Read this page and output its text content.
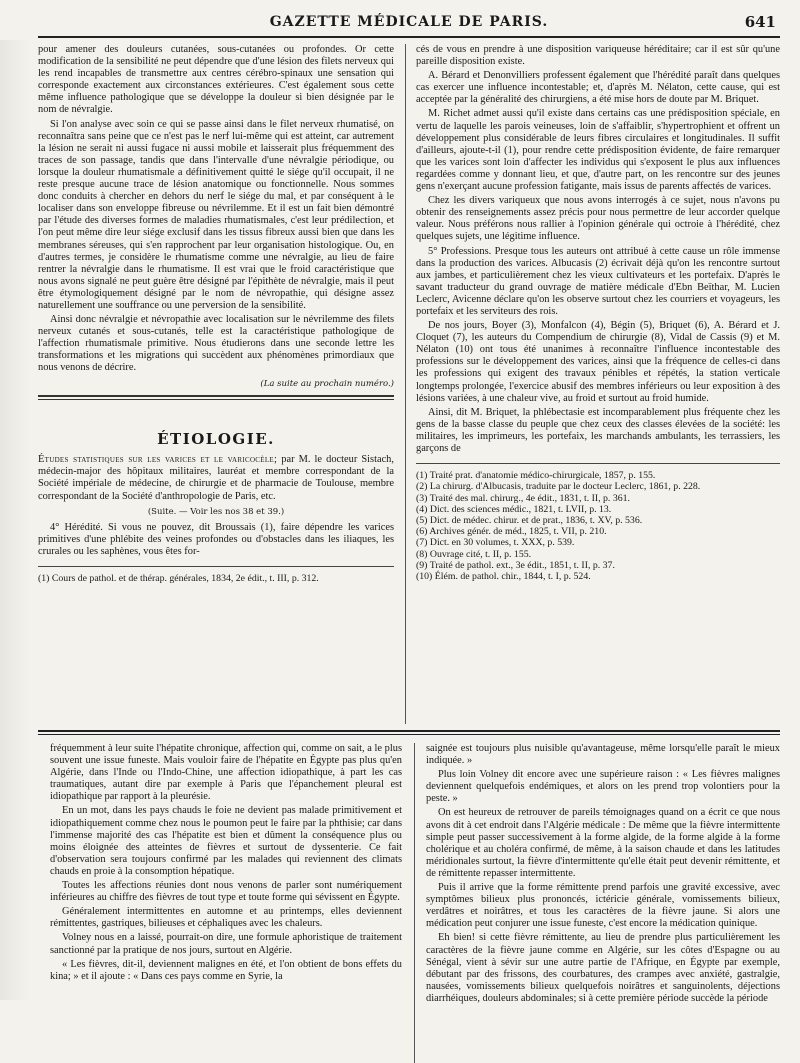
GAZETTE MÉDICALE DE PARIS.	641

pour amener des douleurs cutanées, sous-cutanées ou profondes. Or cette modification de la sensibilité ne peut dépendre que d'une lésion des filets nerveux qui les rend incapables de transmettre aux centres cérébro-spinaux une sensation qui corresponde exactement aux circonstances extérieures. C'est également sous cette même influence pathologique que se développe la douleur si bien désignée par le nom de névralgie.

Si l'on analyse avec soin ce qui se passe ainsi dans le filet nerveux rhumatisé, on reconnaîtra sans peine que ce n'est pas le nerf lui-même qui est atteint, car autrement la lésion ne serait ni aussi fugace ni aussi mobile et laisserait plus fréquemment des traces de son passage, tandis que dans l'intervalle d'une névralgie périodique, ou lorsque la douleur rhumatismale a définitivement quitté le siége qu'il occupait, il ne reste presque aucune trace de lésion anatomique ou fonctionnelle. Nous sommes donc conduits à chercher en dehors du nerf le siége du mal, et par conséquent à le localiser dans son enveloppe fibreuse ou névrilemme. Et il est un fait bien démontré par l'étude des diverses formes de maladies rhumatismales, c'est leur prédilection, et l'on peut même dire leur siége exclusif dans les tissus fibreux aussi bien que dans les membranes séreuses, qui s'en rapprochent par leur organisation histologique. Ou, en d'autres termes, je considère le rhumatisme comme une névralgie, au lieu de faire rentrer la névralgie dans le rhumatisme. Il est vrai que le froid caractéristique que nous avons signalé ne peut guère être désigné par l'épithète de névralgie, mais il peut être étymologiquement désigné par le nom de névropathie, qui désigne assez naturellement une souffrance ou une perversion de la sensibilité.

Ainsi donc névralgie et névropathie avec localisation sur le névrilemme des filets nerveux cutanés et sous-cutanés, telle est la caractéristique pathologique de l'affection rhumatismale primitive. Nous étudierons dans une seconde lettre les transformations et les migrations qui succèdent aux phénomènes primordiaux que nous venons de décrire.

(La suite au prochain numéro.)
ÉTIOLOGIE.
Études statistiques sur les varices et le varicocèle; par M. le docteur Sistach, médecin-major des hôpitaux militaires, lauréat et membre correspondant de la Société impériale de médecine, de chirurgie et de pharmacie de Toulouse, membre correspondant de la Société d'anthropologie de Paris, etc.
(Suite. — Voir les nos 38 et 39.)

4° Hérédité. Si vous ne pouvez, dit Broussais (1), faire dépendre les varices primitives d'une phlébite des veines profondes ou d'obstacles dans les iliaques, les crurales ou les saphènes, vous êtes for-

(1) Cours de pathol. et de thérap. générales, 1834, 2e édit., t. III, p. 312.

cés de vous en prendre à une disposition variqueuse héréditaire; car il est sûr qu'une pareille disposition existe.

A. Bérard et Denonvilliers professent également que l'hérédité paraît dans quelques cas exercer une influence incontestable; et, d'après M. Nélaton, cette cause, qui est acceptée par la généralité des chirurgiens, a été mise hors de doute par M. Briquet.

M. Richet admet aussi qu'il existe dans certains cas une prédisposition spéciale, en vertu de laquelle les parois veineuses, loin de s'affaiblir, s'hypertrophient et offrent un développement plus considérable de leurs fibres circulaires et longitudinales. Il suffit d'ailleurs, ajoute-t-il (1), pour rendre cette prédisposition évidente, de faire remarquer que les varices sont loin d'affecter les individus qui s'exposent le plus aux influences regardées comme y donnant lieu, et que, d'autre part, on les rencontre sur des jeunes gens n'exerçant aucune profession fatigante, mais issus de parents affectés de varices.

Chez les divers variqueux que nous avons interrogés à ce sujet, nous n'avons pu obtenir des renseignements assez précis pour nous permettre de leur accorder quelque valeur. Nous préférons nous rallier à l'opinion générale qui octroie à l'hérédité, chez quelques sujets, une légitime influence.

5° Professions. Presque tous les auteurs ont attribué à cette cause un rôle immense dans la production des varices. Albucasis (2) écrivait déjà qu'on les rencontre surtout aux jambes, et particulièrement chez les vieux cultivateurs et les portefaix. D'après le savant traducteur du grand ouvrage de matière médicale d'Ebn Beïthar, M. Lucien Leclerc, Avicenne déclare qu'on les observe surtout chez les courriers et voyageurs, les portefaix et les serviteurs des rois.

De nos jours, Boyer (3), Monfalcon (4), Bégin (5), Briquet (6), A. Bérard et J. Cloquet (7), les auteurs du Compendium de chirurgie (8), Vidal de Cassis (9) et M. Nélaton (10) ont tous été unanimes à reconnaître l'influence incontestable des professions sur le développement des varices, ainsi que la fréquence de celles-ci dans les professions qui exigent des travaux pénibles et répétés, la station verticale longtemps prolongée, l'exercice abusif des membres inférieurs ou leur exposition à des lésions variées, à une chaleur vive, au froid et surtout au froid humide.

Ainsi, dit M. Briquet, la phlébectasie est incomparablement plus fréquente chez les gens de la basse classe du peuple que chez ceux des classes élevées de la société: les militaires, les imprimeurs, les portefaix, les marchands ambulants, les terrassiers, les garçons de

(1) Traité prat. d'anatomie médico-chirurgicale, 1857, p. 155.
(2) La chirurg. d'Albucasis, traduite par le docteur Leclerc, 1861, p. 228.
(3) Traité des mal. chirurg., 4e édit., 1831, t. II, p. 361.
(4) Dict. des sciences médic., 1821, t. LVII, p. 13.
(5) Dict. de médec. chirur. et de prat., 1836, t. XV, p. 536.
(6) Archives génér. de méd., 1825, t. VII, p. 210.
(7) Dict. en 30 volumes, t. XXX, p. 539.
(8) Ouvrage cité, t. II, p. 155.
(9) Traité de pathol. ext., 3e édit., 1851, t. II, p. 37.
(10) Élém. de pathol. chir., 1844, t. I, p. 524.

fréquemment à leur suite l'hépatite chronique, affection qui, comme on sait, a le plus souvent une issue funeste. Mais vouloir faire de l'hépatite en Égypte pas plus qu'en Algérie, dans l'Inde ou l'Indo-Chine, une affection idiopathique, à part les cas traumatiques, autant dire par exemple à Paris que l'épanchement pleural est idiopathique par rapport à la pleurésie.

En un mot, dans les pays chauds le foie ne devient pas malade primitivement et idiopathiquement comme chez nous le poumon peut le faire par la phthisie; car dans l'immense majorité des cas l'hépatite est bien et dûment la conséquence plus ou moins éloignée des atteintes de fièvres et surtout de dyssenterie. Ce fait d'observation sera toujours confirmé par les malades qui reviennent des climats chauds en proie à la consomption hépatique.

Toutes les affections réunies dont nous venons de parler sont numériquement inférieures au chiffre des fièvres de tout type et toute forme qui sévissent en Égypte.

Généralement intermittentes en automne et au printemps, elles deviennent rémittentes, gastriques, bilieuses et céphaliques avec les chaleurs.

Volney nous en a laissé, pourrait-on dire, une formule aphoristique de traitement sanctionné par la pratique de nos jours, surtout en Algérie.

« Les fièvres, dit-il, deviennent malignes en été, et l'on obtient de bons effets du kina; » et il ajoute : « Dans ces pays comme en Syrie, la

saignée est toujours plus nuisible qu'avantageuse, même lorsqu'elle paraît le mieux indiquée. »

Plus loin Volney dit encore avec une supérieure raison : « Les fièvres malignes deviennent quelquefois endémiques, et alors on les prend trop volontiers pour la peste. »

On est heureux de retrouver de pareils témoignages quand on a écrit ce que nous avons dit à cet endroit dans l'Algérie médicale : De même que la fièvre intermittente simple peut passer successivement à la forme algide, de la forme algide à la forme cholérique et au choléra confirmé, de même, à la saison chaude et dans les latitudes méridionales surtout, la fièvre d'intermittente qu'elle était peut devenir rémittente, et de rémittente repasser intermittente.

Puis il arrive que la forme rémittente prend parfois une gravité excessive, avec symptômes bilieux plus prononcés, ictéricie générale, vomissements bilieux, verdâtres et noirâtres, et tous les caractères de la fièvre jaune. Si alors une médication peut conjurer une issue funeste, c'est encore la médication quinique.

Eh bien! si cette fièvre rémittente, au lieu de prendre plus particulièrement les caractères de la fièvre jaune comme en Algérie, sur les côtes d'Espagne ou au Sénégal, vient à sévir sur une autre partie de l'Afrique, en Égypte par exemple, débutant par des frissons, des courbatures, des crampes avec anxiété, gastralgie, nausées, vomissements bilieux quelquefois noirâtres et sanguinolents, déjections diarrhéiques, douleurs abdominales; si à cette première période succède la période
